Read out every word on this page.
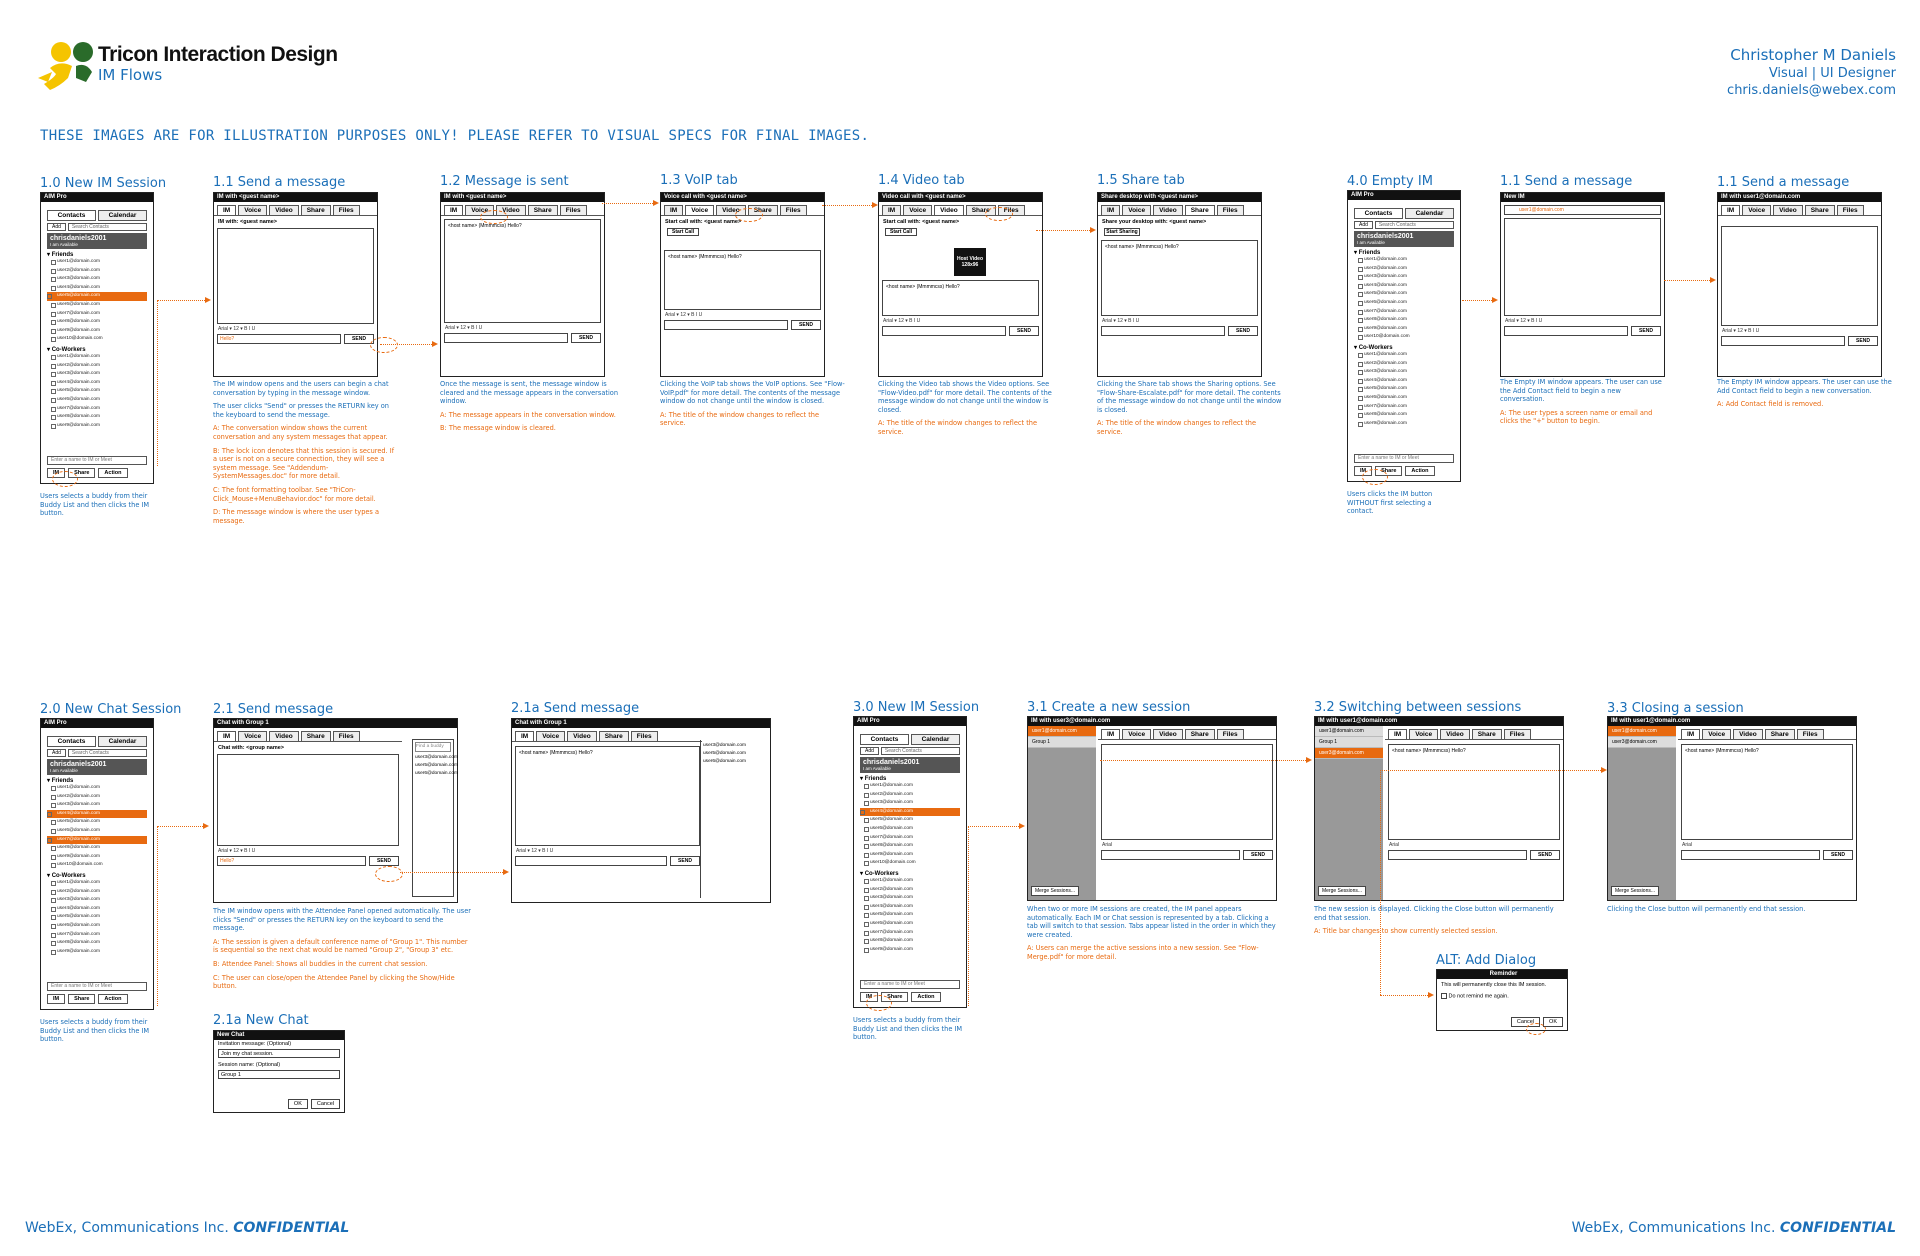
Tricon Interaction Design
IM Flows
Christopher M Daniels
Visual | UI Designer
chris.daniels@webex.com
THESE IMAGES ARE FOR ILLUSTRATION PURPOSES ONLY! PLEASE REFER TO VISUAL SPECS FOR FINAL IMAGES.
1.0 New IM Session	1.1 Send a message	1.2 Message is sent	1.3 VoIP tab	1.4 Video tab	1.5 Share tab	4.0 Empty IM	1.1 Send a message	1.1 Send a message
2.0 New Chat Session 2.1 Send message	2.1a Send message	3.0 New IM Session	3.1 Create a new session	3.2 Switching between sessions	3.3 Closing a session
2.1a New Chat
ALT: Add Dialog
AIM Pro
Contacts	Calendar
Add	Search Contacts
chrisdaniels2001
I am Available
▾ Friends
user1@domain.com
user2@domain.com
user3@domain.com
user4@domain.com
user5@domain.com
user6@domain.com
user7@domain.com
user8@domain.com
user9@domain.com
user10@domain.com
▾ Co-Workers
user1@domain.com
user2@domain.com
user3@domain.com
user4@domain.com
user5@domain.com
user6@domain.com
user7@domain.com
user8@domain.com
user9@domain.com
Enter a name to IM or Meet
IM	Share	Action
AIM Pro
Contacts	Calendar
Add	Search Contacts
chrisdaniels2001
I am Available
▾ Friends
user1@domain.com
user2@domain.com
user3@domain.com
user4@domain.com
user5@domain.com
user6@domain.com
user7@domain.com
user8@domain.com
user9@domain.com
user10@domain.com
▾ Co-Workers
user1@domain.com
user2@domain.com
user3@domain.com
user4@domain.com
user5@domain.com
user6@domain.com
user7@domain.com
user8@domain.com
user9@domain.com
Enter a name to IM or Meet
IM	Share	Action
AIM Pro
Contacts	Calendar
Add	Search Contacts
chrisdaniels2001
I am Available
▾ Friends
user1@domain.com
user2@domain.com
user3@domain.com
user4@domain.com
user5@domain.com
user6@domain.com
user7@domain.com
user8@domain.com
user9@domain.com
user10@domain.com
▾ Co-Workers
user1@domain.com
user2@domain.com
user3@domain.com
user4@domain.com
user5@domain.com
user6@domain.com
user7@domain.com
user8@domain.com
user9@domain.com
Enter a name to IM or Meet
IM	Share	Action
AIM Pro
Contacts	Calendar
Add	Search Contacts
chrisdaniels2001
I am Available
▾ Friends
user1@domain.com
user2@domain.com
user3@domain.com
user4@domain.com
user5@domain.com
user6@domain.com
user7@domain.com
user8@domain.com
user9@domain.com
user10@domain.com
▾ Co-Workers
user1@domain.com
user2@domain.com
user3@domain.com
user4@domain.com
user5@domain.com
user6@domain.com
user7@domain.com
user8@domain.com
user9@domain.com
Enter a name to IM or Meet
IM	Share	Action
IM with <guest name>
IM	Voice	Video	Share	Files
IM with: <guest name>
Arial ▾ 12 ▾ B I U
Hello?	SEND
IM with <guest name>
IM	Voice	Video	Share	Files
<host name> (Mmmmcss) Hello?
Arial ▾ 12 ▾ B I U
SEND
Voice call with <guest name>
IM	Voice	Video	Share	Files
Start call with: <guest name>
Start Call
<host name> (Mmmmcss) Hello?
Arial ▾ 12 ▾ B I U
SEND
Video call with <guest name>
IM	Voice	Video	Share	Files
Start call with: <guest name>
Start Call
<host name> (Mmmmcss) Hello?
Arial ▾ 12 ▾ B I U
SEND
Host Video
128x96
Share desktop with <guest name>
IM	Voice	Video	Share	Files
Share your desktop with: <guest name>
Start Sharing
<host name> (Mmmmcss) Hello?
Arial ▾ 12 ▾ B I U
SEND
New IM
user1@domain.com
Arial ▾ 12 ▾ B I U
SEND
IM with user1@domain.com
IM	Voice	Video	Share	Files
Arial ▾ 12 ▾ B I U
SEND
Chat with Group 1
IM	Voice	Video	Share	Files
Chat with: <group name>
Arial ▾ 12 ▾ B I U
Hello?	SEND
Find a buddy
user3@domain.com
user5@domain.com
user6@domain.com
Chat with Group 1
IM	Voice	Video	Share	Files
<host name> (Mmmmcss) Hello?
Arial ▾ 12 ▾ B I U
SEND
user3@domain.com
user5@domain.com
user6@domain.com
New Chat
Invitation message: (Optional)
Join my chat session.
Session name: (Optional)
Group 1
OK	Cancel
IM with user3@domain.com
user1@domain.com
Group 1
Merge Sessions...
IM	Voice	Video	Share	Files
Arial
SEND
IM with user1@domain.com
user1@domain.com
Group 1
user3@domain.com
Merge Sessions...
IM	Voice	Video	Share	Files
<host name> (Mmmmcss) Hello?
Arial
SEND
IM with user1@domain.com
user1@domain.com
user3@domain.com
Merge Sessions...
IM	Voice	Video	Share	Files
<host name> (Mmmmcss) Hello?
Arial
SEND
Reminder
This will permanently close this IM session.
Do not remind me again.
Cancel	OK
Users selects a buddy from their Buddy List and then clicks the IM button.

The IM window opens and the users can begin a chat conversation by typing in the message window.

The user clicks "Send" or presses the RETURN key on the keyboard to send the message.

A: The conversation window shows the current conversation and any system messages that appear.

B: The lock icon denotes that this session is secured. If a user is not on a secure connection, they will see a system message. See "Addendum-SystemMessages.doc" for more detail.

C: The font formatting toolbar. See "TriCon-Click_Mouse+MenuBehavior.doc" for more detail.

D: The message window is where the user types a message.

Once the message is sent, the message window is cleared and the message appears in the conversation window.

A: The message appears in the conversation window.

B: The message window is cleared.

Clicking the VoIP tab shows the VoIP options. See "Flow-VoIP.pdf" for more detail. The contents of the message window do not change until the window is closed.

A: The title of the window changes to reflect the service.

Clicking the Video tab shows the Video options. See "Flow-Video.pdf" for more detail. The contents of the message window do not change until the window is closed.

A: The title of the window changes to reflect the service.

Clicking the Share tab shows the Sharing options. See "Flow-Share-Escalate.pdf" for more detail. The contents of the message window do not change until the window is closed.

A: The title of the window changes to reflect the service.

Users clicks the IM button WITHOUT first selecting a contact.

The Empty IM window appears. The user can use the Add Contact field to begin a new conversation.

A: The user types a screen name or email and clicks the "+" button to begin.

The Empty IM window appears. The user can use the Add Contact field to begin a new conversation.

A: Add Contact field is removed.

Users selects a buddy from their Buddy List and then clicks the IM button.

The IM window opens with the Attendee Panel opened automatically. The user clicks "Send" or presses the RETURN key on the keyboard to send the message.

A: The session is given a default conference name of "Group 1". This number is sequential so the next chat would be named "Group 2", "Group 3" etc.

B: Attendee Panel: Shows all buddies in the current chat session.

C: The user can close/open the Attendee Panel by clicking the Show/Hide button.

Users selects a buddy from their Buddy List and then clicks the IM button.

When two or more IM sessions are created, the IM panel appears automatically. Each IM or Chat session is represented by a tab. Clicking a tab will switch to that session. Tabs appear listed in the order in which they were created.

A: Users can merge the active sessions into a new session. See "Flow-Merge.pdf" for more detail.

The new session is displayed. Clicking the Close button will permanently end that session.

A: Title bar changes to show currently selected session.

Clicking the Close button will permanently end that session.
WebEx, Communications Inc. CONFIDENTIAL	WebEx, Communications Inc. CONFIDENTIAL
